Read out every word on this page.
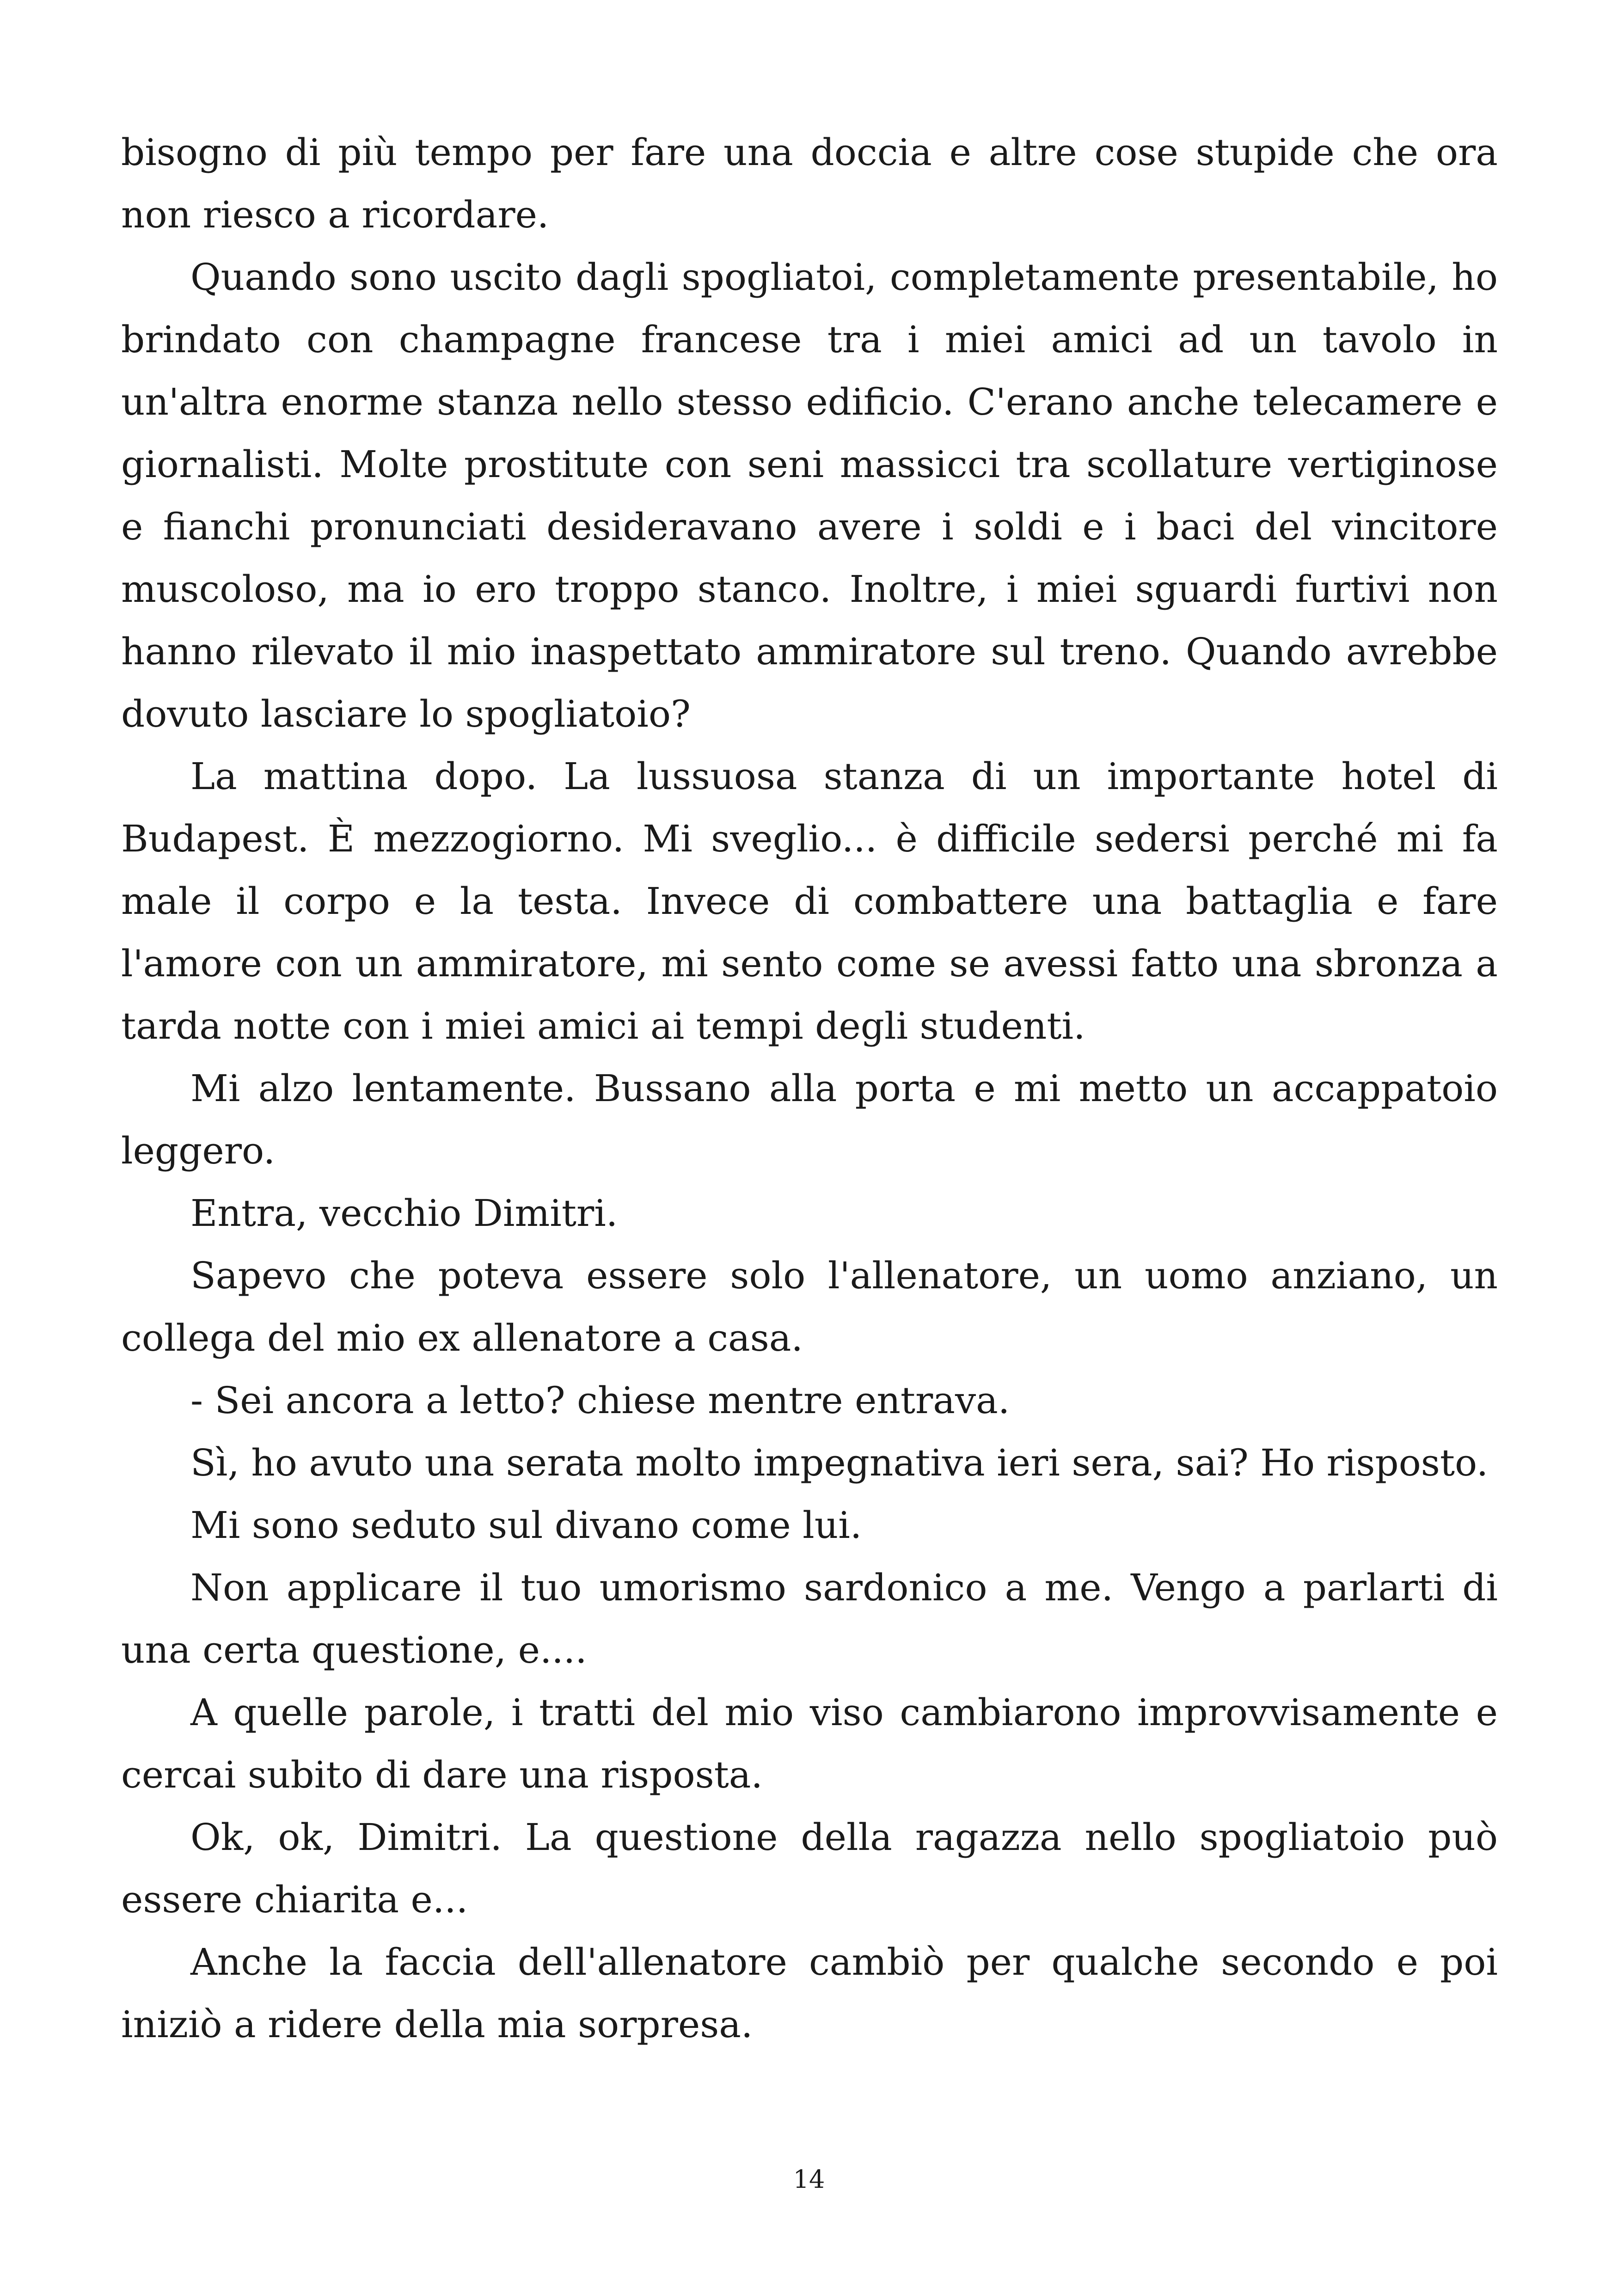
bisogno di più tempo per fare una doccia e altre cose stupide che ora non riesco a ricordare.

Quando sono uscito dagli spogliatoi, completamente presentabile, ho brindato con champagne francese tra i miei amici ad un tavolo in un'altra enorme stanza nello stesso edificio. C'erano anche telecamere e giornalisti. Molte prostitute con seni massicci tra scollature vertiginose e fianchi pronunciati desideravano avere i soldi e i baci del vincitore muscoloso, ma io ero troppo stanco. Inoltre, i miei sguardi furtivi non hanno rilevato il mio inaspettato ammiratore sul treno. Quando avrebbe dovuto lasciare lo spogliatoio?

La mattina dopo. La lussuosa stanza di un importante hotel di Budapest. È mezzogiorno. Mi sveglio... è difficile sedersi perché mi fa male il corpo e la testa. Invece di combattere una battaglia e fare l'amore con un ammiratore, mi sento come se avessi fatto una sbronza a tarda notte con i miei amici ai tempi degli studenti.

Mi alzo lentamente. Bussano alla porta e mi metto un accappatoio leggero.

Entra, vecchio Dimitri.

Sapevo che poteva essere solo l'allenatore, un uomo anziano, un collega del mio ex allenatore a casa.

- Sei ancora a letto? chiese mentre entrava.

Sì, ho avuto una serata molto impegnativa ieri sera, sai? Ho risposto.

Mi sono seduto sul divano come lui.

Non applicare il tuo umorismo sardonico a me. Vengo a parlarti di una certa questione, e....

A quelle parole, i tratti del mio viso cambiarono improvvisamente e cercai subito di dare una risposta.

Ok, ok, Dimitri. La questione della ragazza nello spogliatoio può essere chiarita e...

Anche la faccia dell'allenatore cambiò per qualche secondo e poi iniziò a ridere della mia sorpresa.

14
